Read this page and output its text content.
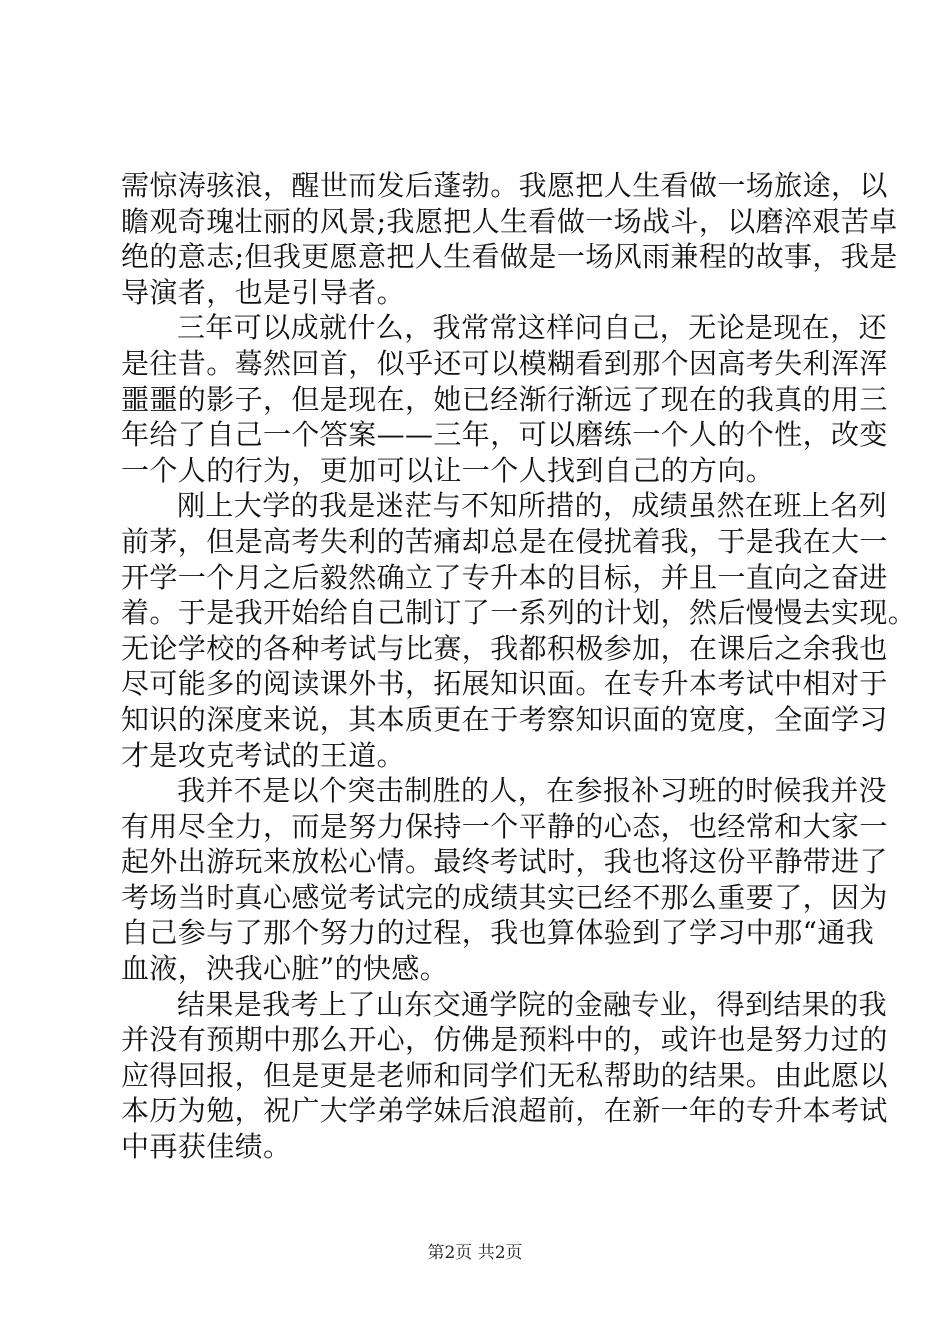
需惊涛骇浪，醒世而发后蓬勃。我愿把人生看做一场旅途，以
瞻观奇瑰壮丽的风景;我愿把人生看做一场战斗，以磨淬艰苦卓
绝的意志;但我更愿意把人生看做是一场风雨兼程的故事，我是
导演者，也是引导者。
三年可以成就什么，我常常这样问自己，无论是现在，还
是往昔。蓦然回首，似乎还可以模糊看到那个因高考失利浑浑
噩噩的影子，但是现在，她已经渐行渐远了现在的我真的用三
年给了自己一个答案——三年，可以磨练一个人的个性，改变
一个人的行为，更加可以让一个人找到自己的方向。
刚上大学的我是迷茫与不知所措的，成绩虽然在班上名列
前茅，但是高考失利的苦痛却总是在侵扰着我，于是我在大一
开学一个月之后毅然确立了专升本的目标，并且一直向之奋进
着。于是我开始给自己制订了一系列的计划，然后慢慢去实现。
无论学校的各种考试与比赛，我都积极参加，在课后之余我也
尽可能多的阅读课外书，拓展知识面。在专升本考试中相对于
知识的深度来说，其本质更在于考察知识面的宽度，全面学习
才是攻克考试的王道。
我并不是以个突击制胜的人，在参报补习班的时候我并没
有用尽全力，而是努力保持一个平静的心态，也经常和大家一
起外出游玩来放松心情。最终考试时，我也将这份平静带进了
考场当时真心感觉考试完的成绩其实已经不那么重要了，因为
自己参与了那个努力的过程，我也算体验到了学习中那“通我
血液，泱我心脏”的快感。
结果是我考上了山东交通学院的金融专业，得到结果的我
并没有预期中那么开心，仿佛是预料中的，或许也是努力过的
应得回报，但是更是老师和同学们无私帮助的结果。由此愿以
本历为勉，祝广大学弟学妹后浪超前，在新一年的专升本考试
中再获佳绩。
第2页 共2页
